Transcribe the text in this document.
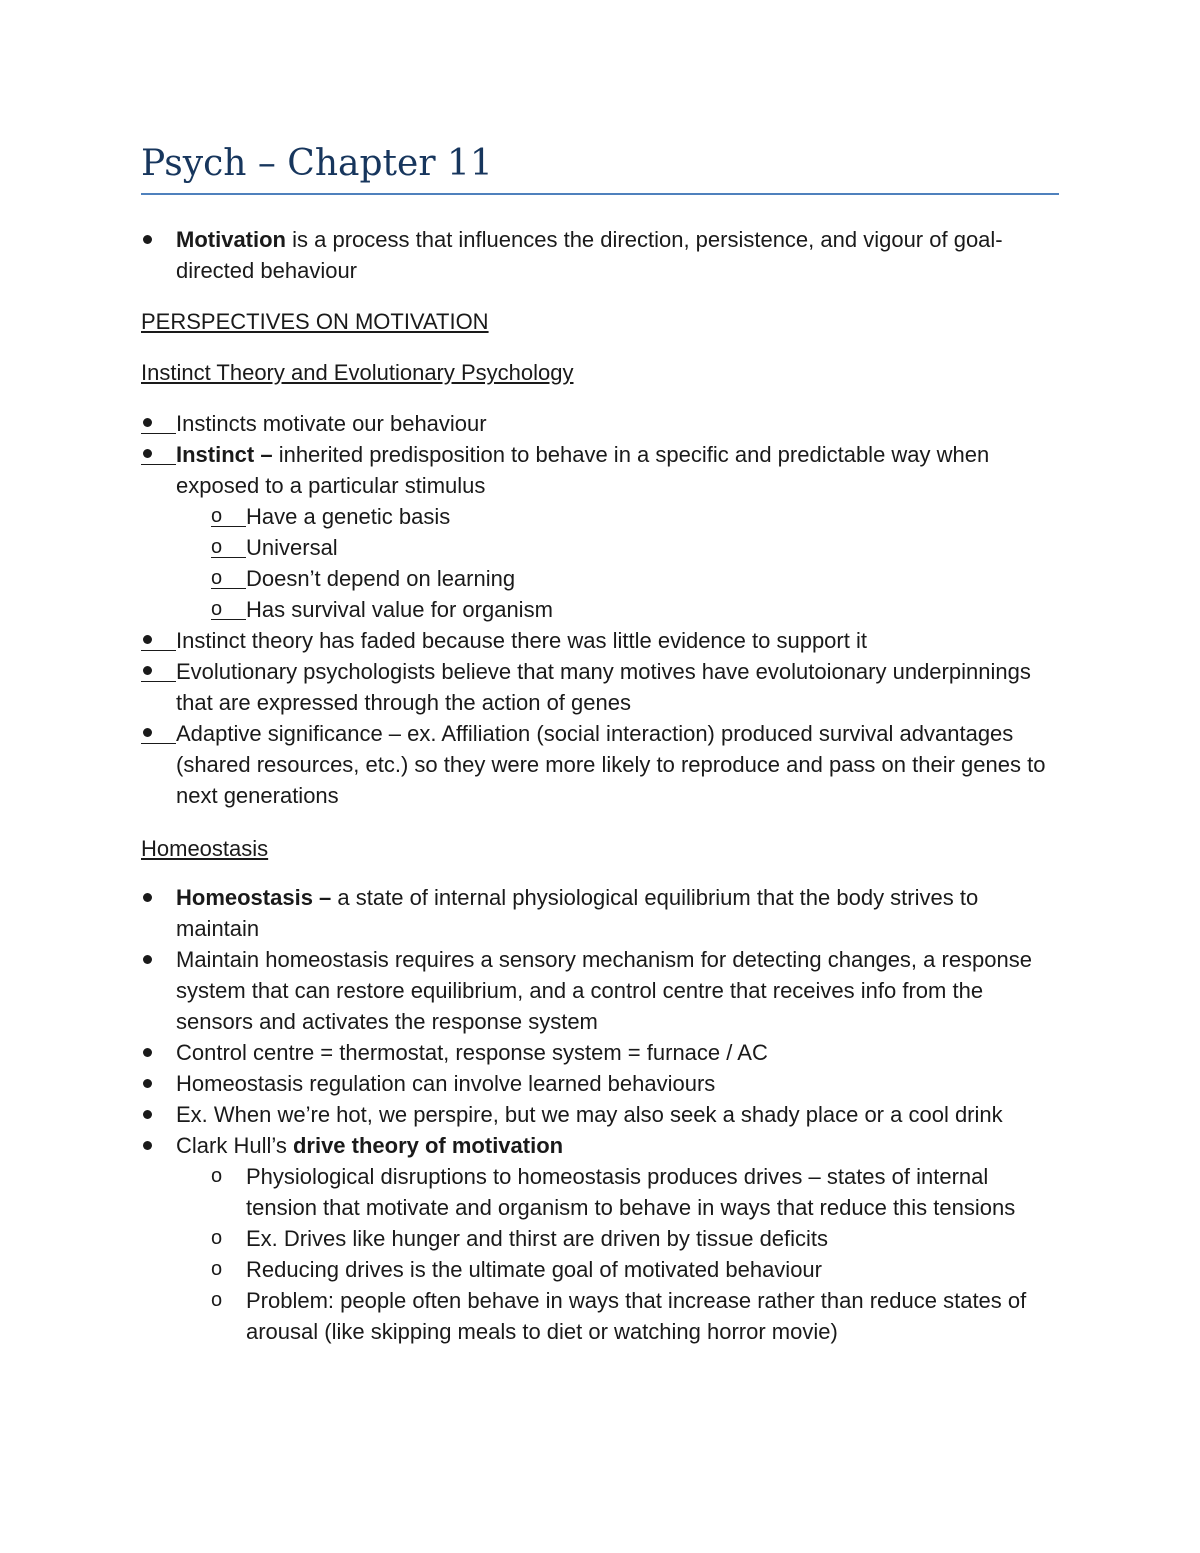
Psych – Chapter 11
Motivation is a process that influences the direction, persistence, and vigour of goal-directed behaviour
PERSPECTIVES ON MOTIVATION
Instinct Theory and Evolutionary Psychology
Instincts motivate our behaviour
Instinct – inherited predisposition to behave in a specific and predictable way when exposed to a particular stimulus
o	Have a genetic basis
o	Universal
o	Doesn’t depend on learning
o	Has survival value for organism
Instinct theory has faded because there was little evidence to support it
Evolutionary psychologists believe that many motives have evolutoionary underpinnings that are expressed through the action of genes
Adaptive significance – ex. Affiliation (social interaction) produced survival advantages (shared resources, etc.) so they were more likely to reproduce and pass on their genes to next generations
Homeostasis
Homeostasis – a state of internal physiological equilibrium that the body strives to maintain
Maintain homeostasis requires a sensory mechanism for detecting changes, a response system that can restore equilibrium, and a control centre that receives info from the sensors and activates the response system
Control centre = thermostat, response system = furnace / AC
Homeostasis regulation can involve learned behaviours
Ex. When we’re hot, we perspire, but we may also seek a shady place or a cool drink
Clark Hull’s drive theory of motivation
o	Physiological disruptions to homeostasis produces drives – states of internal tension that motivate and organism to behave in ways that reduce this tensions
o	Ex. Drives like hunger and thirst are driven by tissue deficits
o	Reducing drives is the ultimate goal of motivated behaviour
o	Problem: people often behave in ways that increase rather than reduce states of arousal (like skipping meals to diet or watching horror movie)
